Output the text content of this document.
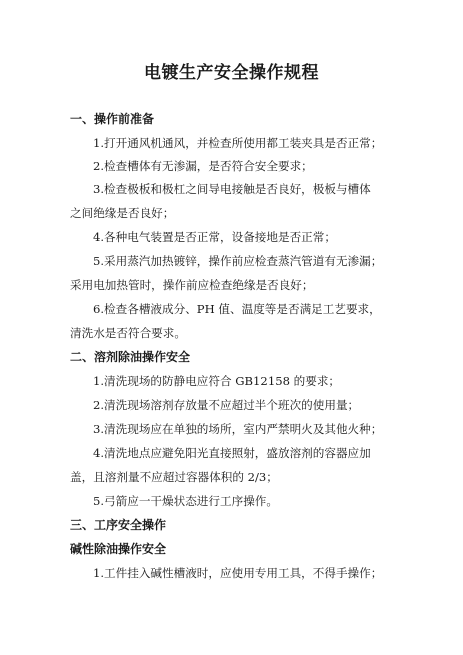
电镀生产安全操作规程
一、操作前准备
1.打开通风机通风，并检查所使用都工装夹具是否正常；
2.检查槽体有无渗漏，是否符合安全要求；
3.检查极板和极杠之间导电接触是否良好，极板与槽体
之间绝缘是否良好；
4.各种电气装置是否正常，设备接地是否正常；
5.采用蒸汽加热镀锌，操作前应检查蒸汽管道有无渗漏；
采用电加热管时，操作前应检查绝缘是否良好；
6.检查各槽液成分、PH 值、温度等是否满足工艺要求，
清洗水是否符合要求。
二、溶剂除油操作安全
1.清洗现场的防静电应符合 GB12158 的要求；
2.清洗现场溶剂存放量不应超过半个班次的使用量；
3.清洗现场应在单独的场所，室内严禁明火及其他火种；
4.清洗地点应避免阳光直接照射，盛放溶剂的容器应加
盖，且溶剂量不应超过容器体积的 2/3；
5.弓箭应一干燥状态进行工序操作。
三、工序安全操作
碱性除油操作安全
1.工件挂入碱性槽液时，应使用专用工具，不得手操作；
